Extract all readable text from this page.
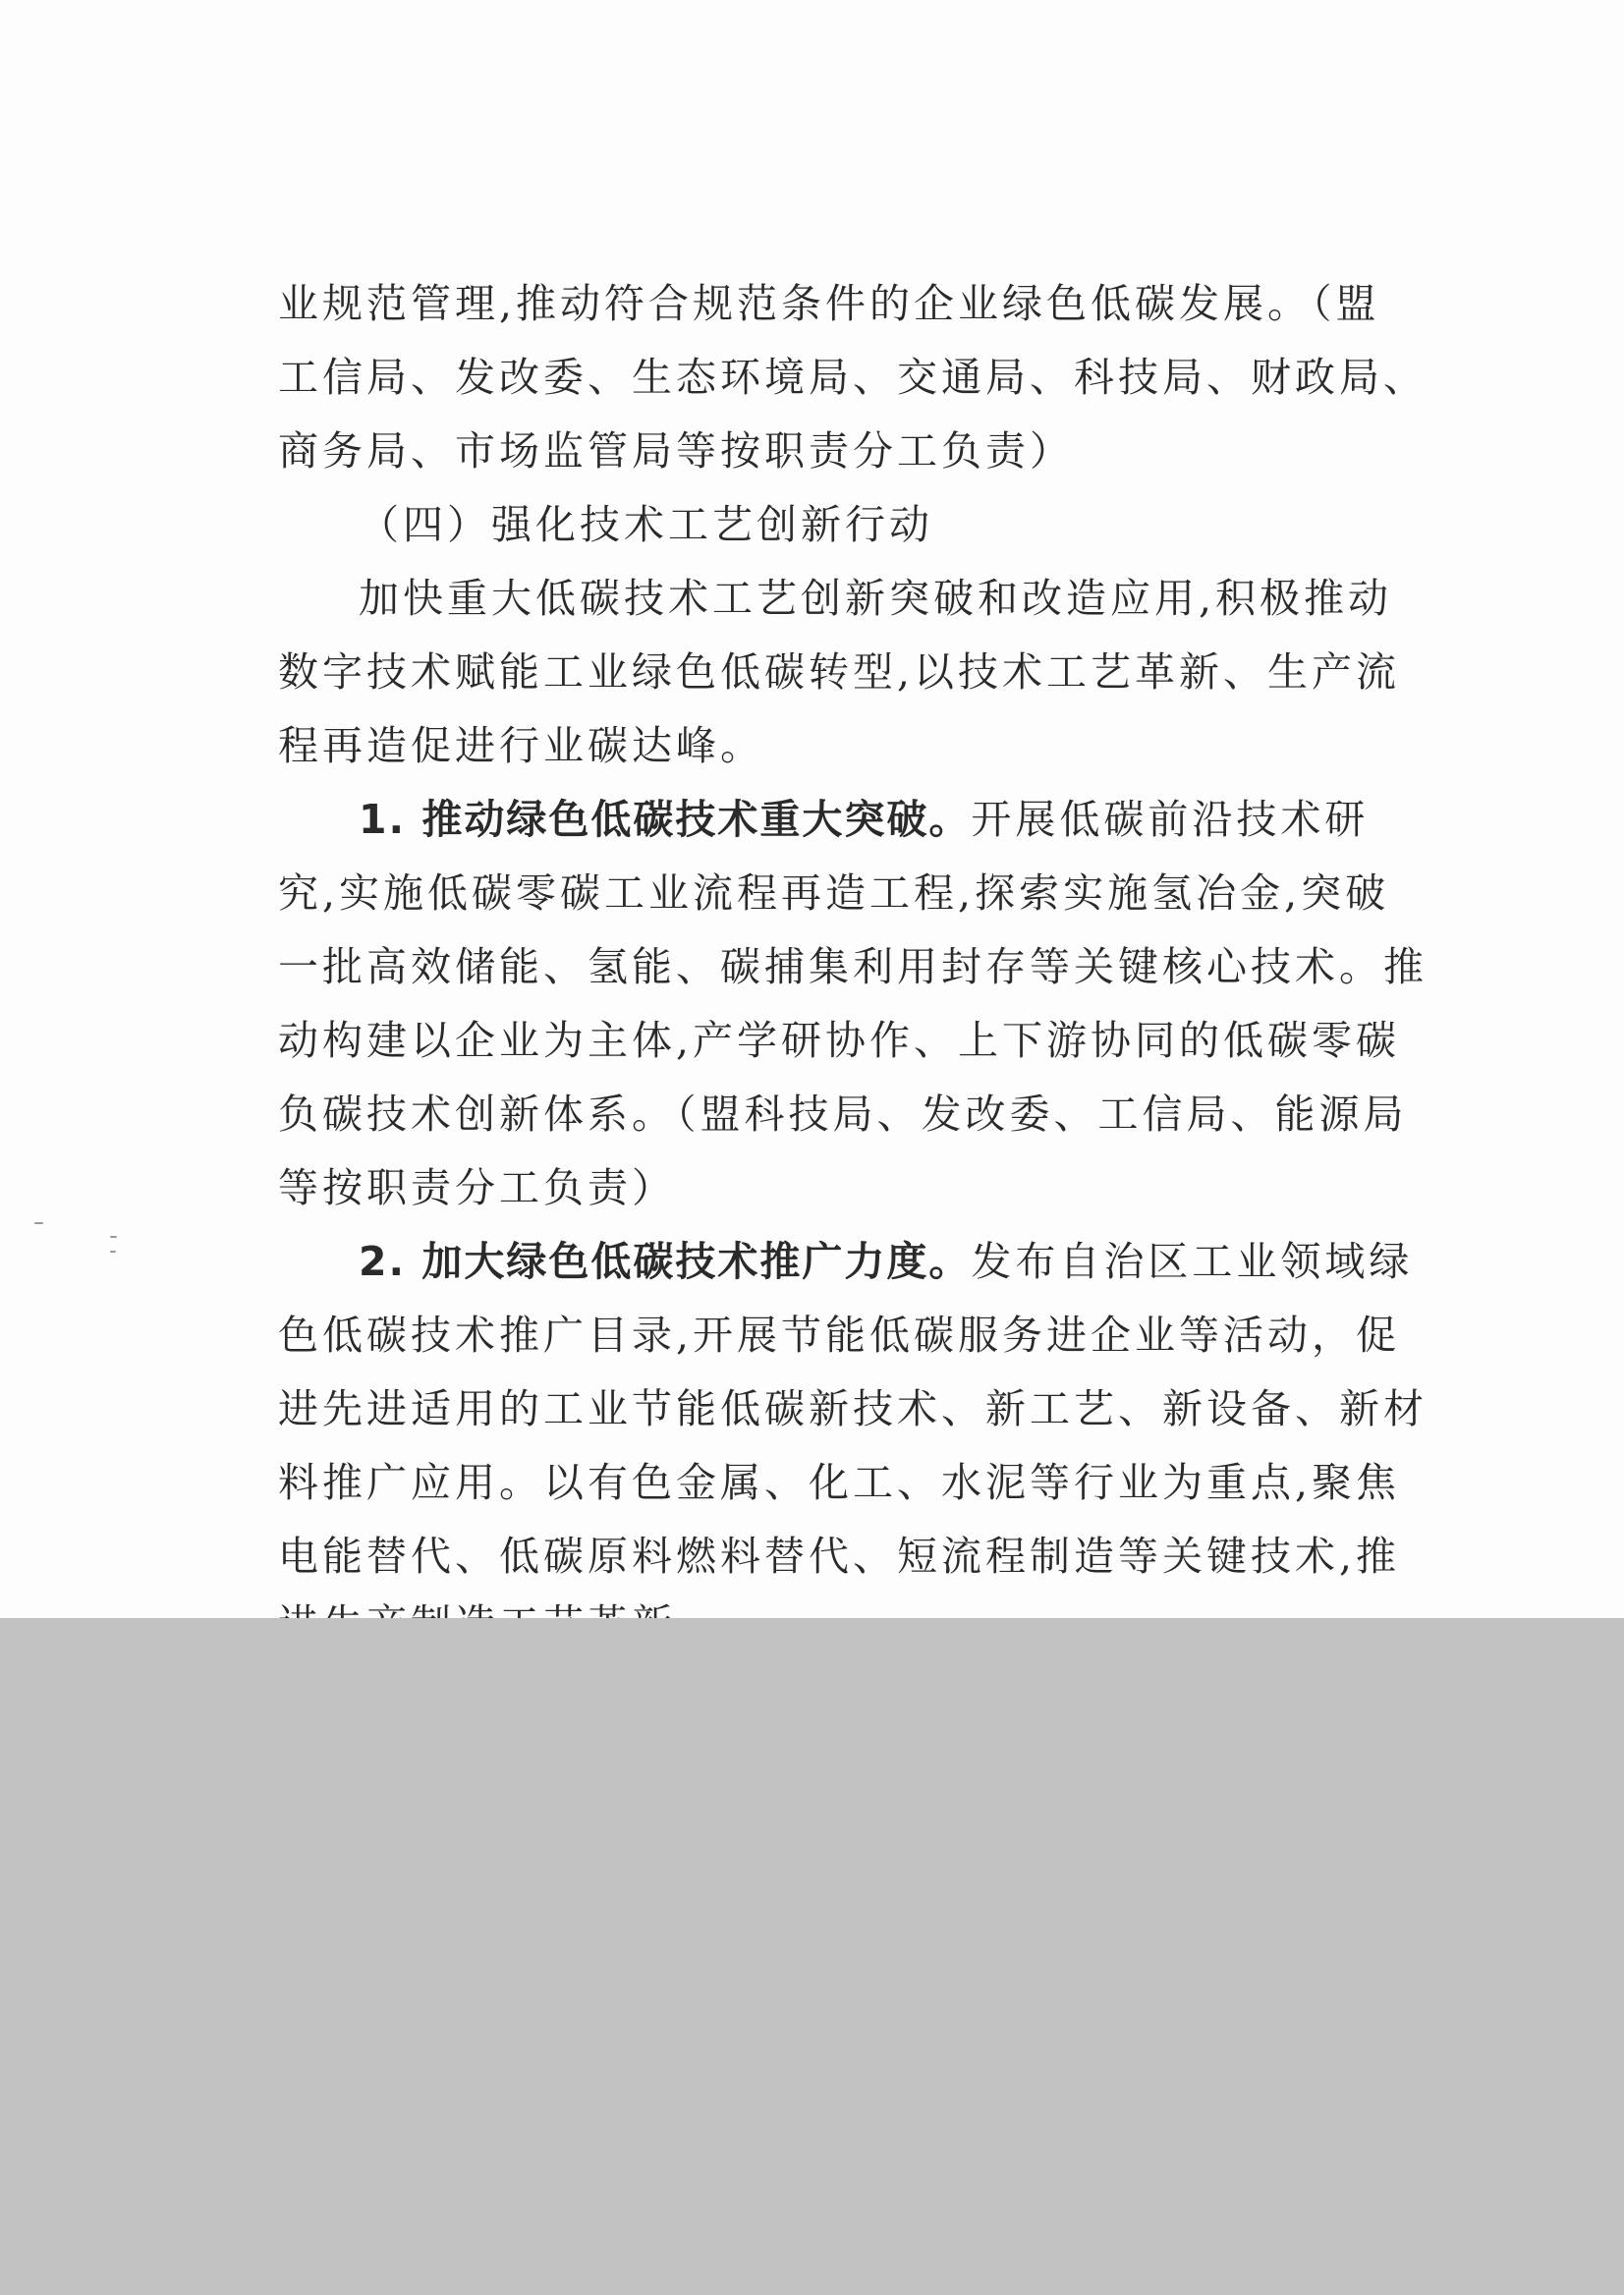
业规范管理,推动符合规范条件的企业绿色低碳发展。（盟
工信局、发改委、生态环境局、交通局、科技局、财政局、
商务局、市场监管局等按职责分工负责）
（四）强化技术工艺创新行动
加快重大低碳技术工艺创新突破和改造应用,积极推动
数字技术赋能工业绿色低碳转型,以技术工艺革新、生产流
程再造促进行业碳达峰。
1. 推动绿色低碳技术重大突破。开展低碳前沿技术研
究,实施低碳零碳工业流程再造工程,探索实施氢冶金,突破
一批高效储能、氢能、碳捕集利用封存等关键核心技术。推
动构建以企业为主体,产学研协作、上下游协同的低碳零碳
负碳技术创新体系。（盟科技局、发改委、工信局、能源局
等按职责分工负责）
2. 加大绿色低碳技术推广力度。发布自治区工业领域绿
色低碳技术推广目录,开展节能低碳服务进企业等活动，促
进先进适用的工业节能低碳新技术、新工艺、新设备、新材
料推广应用。以有色金属、化工、水泥等行业为重点,聚焦
电能替代、低碳原料燃料替代、短流程制造等关键技术,推
